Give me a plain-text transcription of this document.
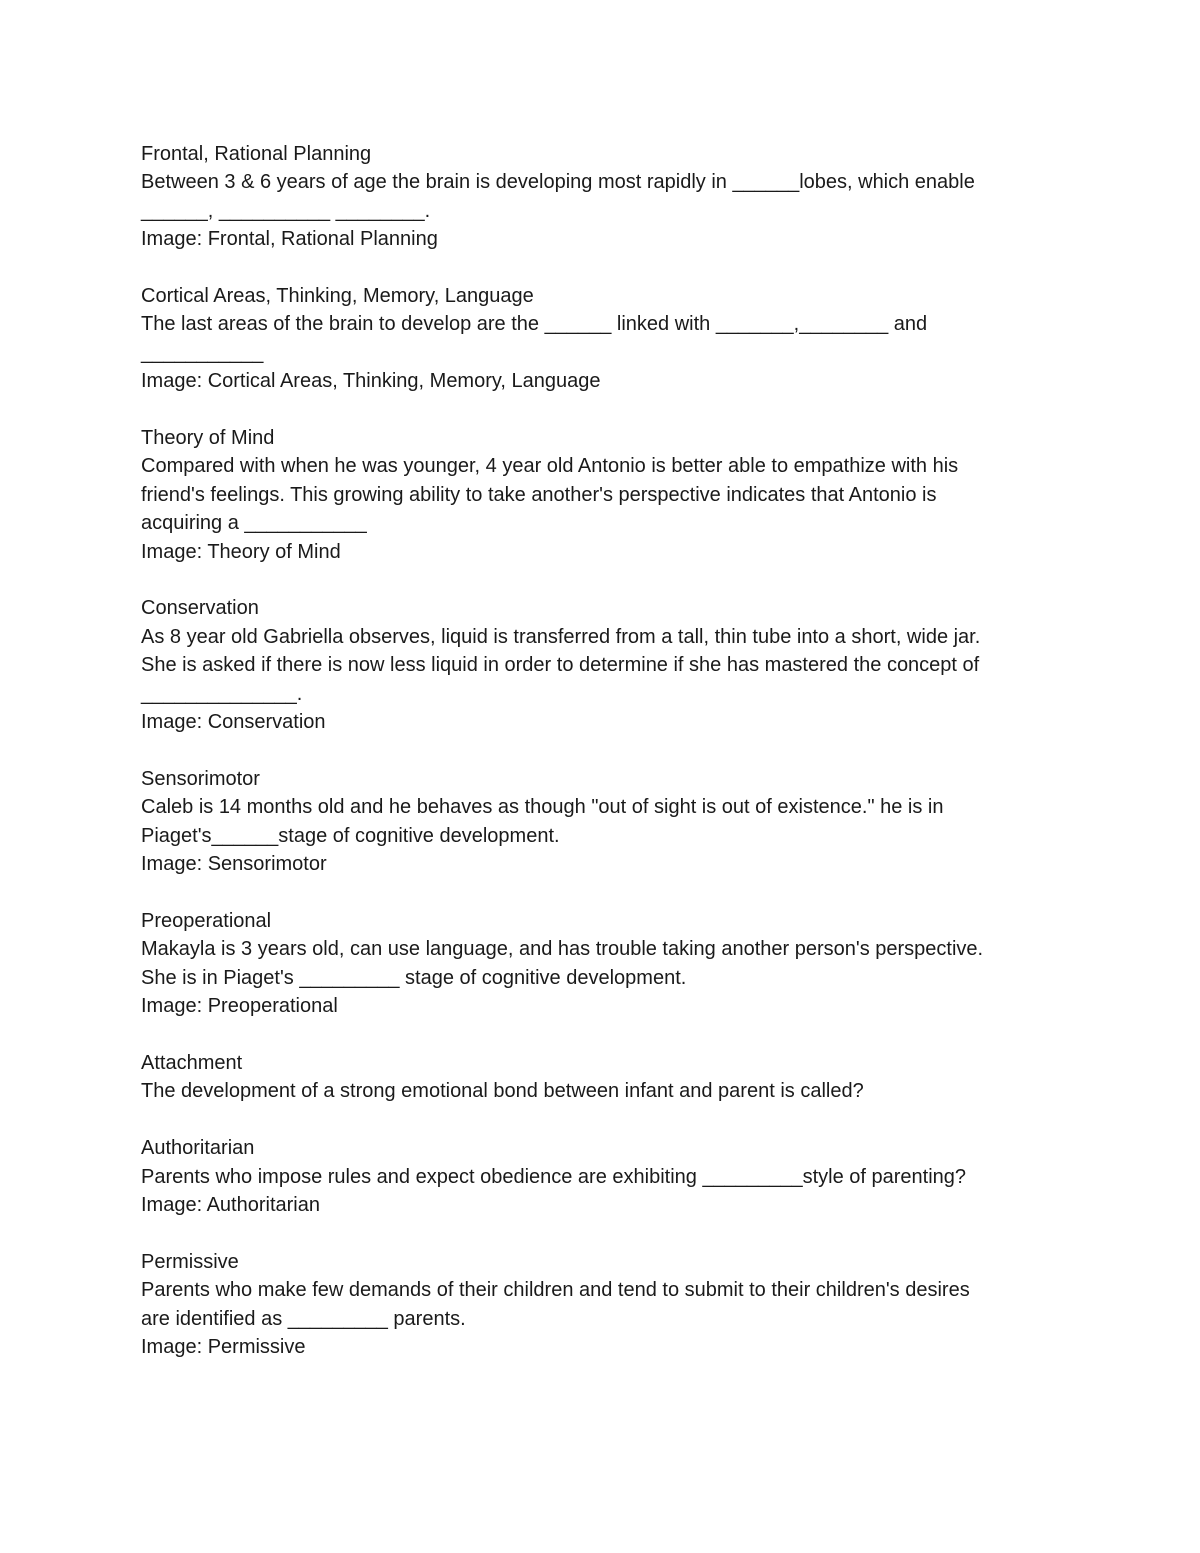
Frontal, Rational Planning

Between 3 & 6 years of age the brain is developing most rapidly in ______lobes, which enable

______, __________ ________.

Image: Frontal, Rational Planning

Cortical Areas, Thinking, Memory, Language

The last areas of the brain to develop are the ______ linked with _______,________ and

___________

Image: Cortical Areas, Thinking, Memory, Language

Theory of Mind

Compared with when he was younger, 4 year old Antonio is better able to empathize with his

friend's feelings. This growing ability to take another's perspective indicates that Antonio is

acquiring a ___________

Image: Theory of Mind

Conservation

As 8 year old Gabriella observes, liquid is transferred from a tall, thin tube into a short, wide jar.

She is asked if there is now less liquid in order to determine if she has mastered the concept of

______________.

Image: Conservation

Sensorimotor

Caleb is 14 months old and he behaves as though "out of sight is out of existence." he is in

Piaget's______stage of cognitive development.

Image: Sensorimotor

Preoperational

Makayla is 3 years old, can use language, and has trouble taking another person's perspective.

She is in Piaget's _________ stage of cognitive development.

Image: Preoperational

Attachment

The development of a strong emotional bond between infant and parent is called?

Authoritarian

Parents who impose rules and expect obedience are exhibiting _________style of parenting?

Image: Authoritarian

Permissive

Parents who make few demands of their children and tend to submit to their children's desires

are identified as _________ parents.

Image: Permissive
